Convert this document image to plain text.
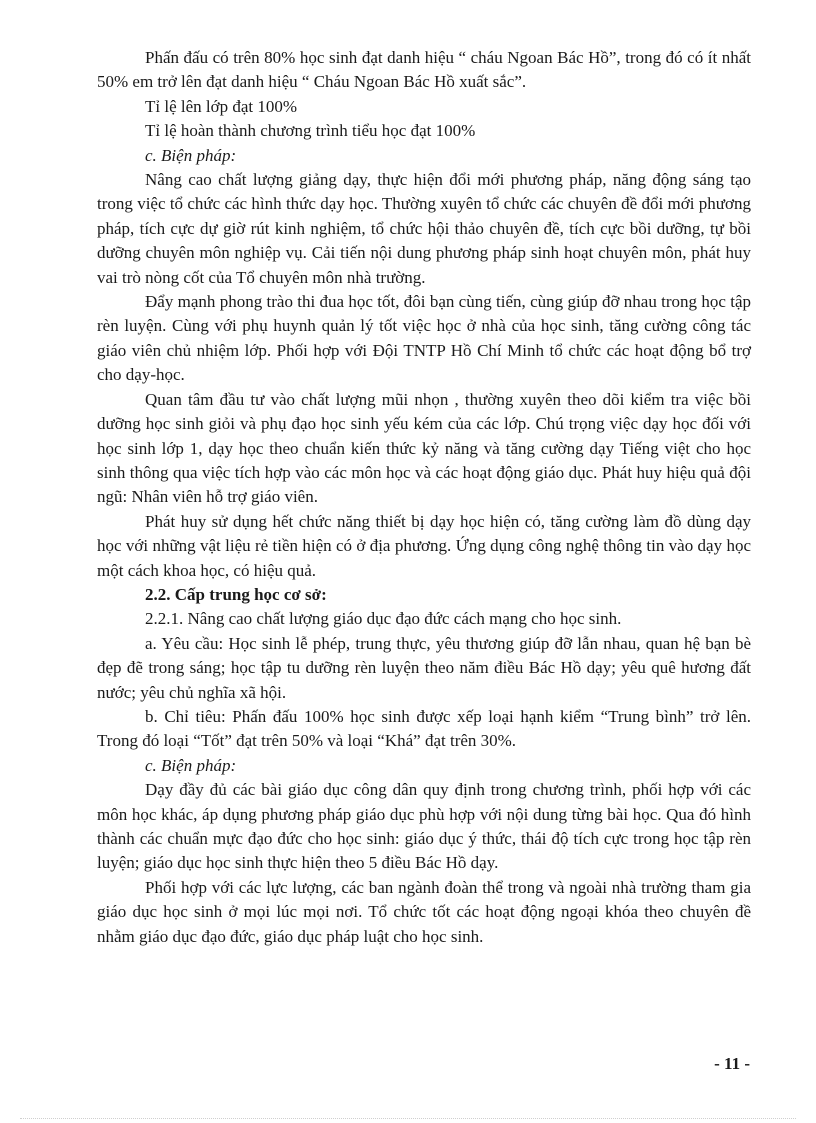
Phấn đấu có trên 80% học sinh đạt danh hiệu “ cháu Ngoan Bác Hồ”, trong đó có ít nhất 50% em trở lên đạt danh hiệu “ Cháu Ngoan Bác Hồ xuất sắc”.

Tỉ lệ lên lớp đạt 100%

Tỉ lệ hoàn thành chương trình tiểu học đạt 100%

c. Biện pháp:

Nâng cao chất lượng giảng dạy, thực hiện đổi mới phương pháp, năng động sáng tạo trong việc tổ chức các hình thức dạy học. Thường xuyên tổ chức các chuyên đề đổi mới phương pháp, tích cực dự giờ rút kinh nghiệm, tổ chức hội thảo chuyên đề, tích cực bồi dưỡng, tự bồi dưỡng chuyên môn nghiệp vụ. Cải tiến nội dung phương pháp sinh hoạt chuyên môn, phát huy vai trò nòng cốt của Tổ chuyên môn nhà trường.

Đẩy mạnh phong trào thi đua học tốt, đôi bạn cùng tiến, cùng giúp đỡ nhau trong học tập rèn luyện. Cùng với phụ huynh quản lý tốt việc học ở nhà của học sinh, tăng cường công tác giáo viên chủ nhiệm lớp. Phối hợp với Đội TNTP Hồ Chí Minh tổ chức các hoạt động bổ trợ cho dạy-học.

Quan tâm đầu tư vào chất lượng mũi nhọn , thường xuyên theo dõi kiểm tra việc bồi dưỡng học sinh giỏi và phụ đạo học sinh yếu kém của các lớp. Chú trọng việc dạy học đối với học sinh lớp 1, dạy học theo chuẩn kiến thức kỷ năng và tăng cường dạy Tiếng việt cho học sinh thông qua việc tích hợp vào các môn học và các hoạt động giáo dục. Phát huy hiệu quả đội ngũ: Nhân viên hỗ trợ giáo viên.

Phát huy sử dụng hết chức năng thiết bị dạy học hiện có, tăng cường làm đồ dùng dạy học với những vật liệu rẻ tiền hiện có ở địa phương. Ứng dụng công nghệ thông tin vào dạy học một cách khoa học, có hiệu quả.

2.2. Cấp trung học cơ sở:

2.2.1. Nâng cao chất lượng giáo dục đạo đức cách mạng cho học sinh.

a. Yêu cầu: Học sinh lễ phép, trung thực, yêu thương giúp đỡ lẫn nhau, quan hệ bạn bè đẹp đẽ trong sáng; học tập tu dưỡng rèn luyện theo năm điều Bác Hồ dạy; yêu quê hương đất nước; yêu chủ nghĩa xã hội.

b. Chỉ tiêu: Phấn đấu 100% học sinh được xếp loại hạnh kiểm “Trung bình” trở lên. Trong đó loại “Tốt” đạt trên 50% và loại “Khá” đạt trên 30%.

c. Biện pháp:

Dạy đầy đủ các bài giáo dục công dân quy định trong chương trình, phối hợp với các môn học khác, áp dụng phương pháp giáo dục phù hợp với nội dung từng bài học. Qua đó hình thành các chuẩn mực đạo đức cho học sinh: giáo dục ý thức, thái độ tích cực trong học tập rèn luyện; giáo dục học sinh thực hiện theo 5 điều Bác Hồ dạy.

Phối hợp với các lực lượng, các ban ngành đoàn thể trong và ngoài nhà trường tham gia giáo dục học sinh ở mọi lúc mọi nơi. Tổ chức tốt các hoạt động ngoại khóa theo chuyên đề nhằm giáo dục đạo đức, giáo dục pháp luật cho học sinh.

- 11 -
